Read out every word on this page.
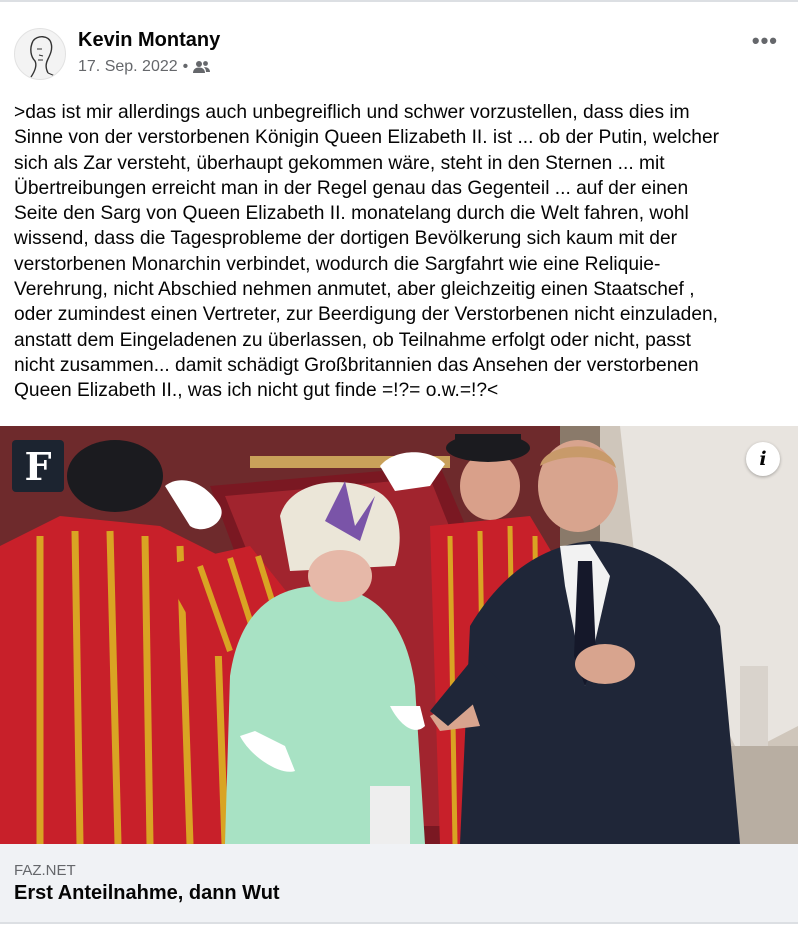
Kevin Montany
17. Sep. 2022 •
•••
>das ist mir allerdings auch unbegreiflich und schwer vorzustellen, dass dies im
Sinne von der verstorbenen Königin Queen Elizabeth II. ist ... ob der Putin, welcher
sich als Zar versteht, überhaupt gekommen wäre, steht in den Sternen ... mit
Übertreibungen erreicht man in der Regel genau das Gegenteil ... auf der einen
Seite den Sarg von Queen Elizabeth II. monatelang durch die Welt fahren, wohl
wissend, dass die Tagesprobleme der dortigen Bevölkerung sich kaum mit der
verstorbenen Monarchin verbindet, wodurch die Sargfahrt wie eine Reliquie-
Verehrung, nicht Abschied nehmen anmutet, aber gleichzeitig einen Staatschef ,
oder zumindest einen Vertreter, zur Beerdigung der Verstorbenen nicht einzuladen,
anstatt dem Eingeladenen zu überlassen, ob Teilnahme erfolgt oder nicht, passt
nicht zusammen... damit schädigt Großbritannien das Ansehen der verstorbenen
Queen Elizabeth II., was ich nicht gut finde =!?= o.w.=!?<
F	i
FAZ.NET
Erst Anteilnahme, dann Wut
